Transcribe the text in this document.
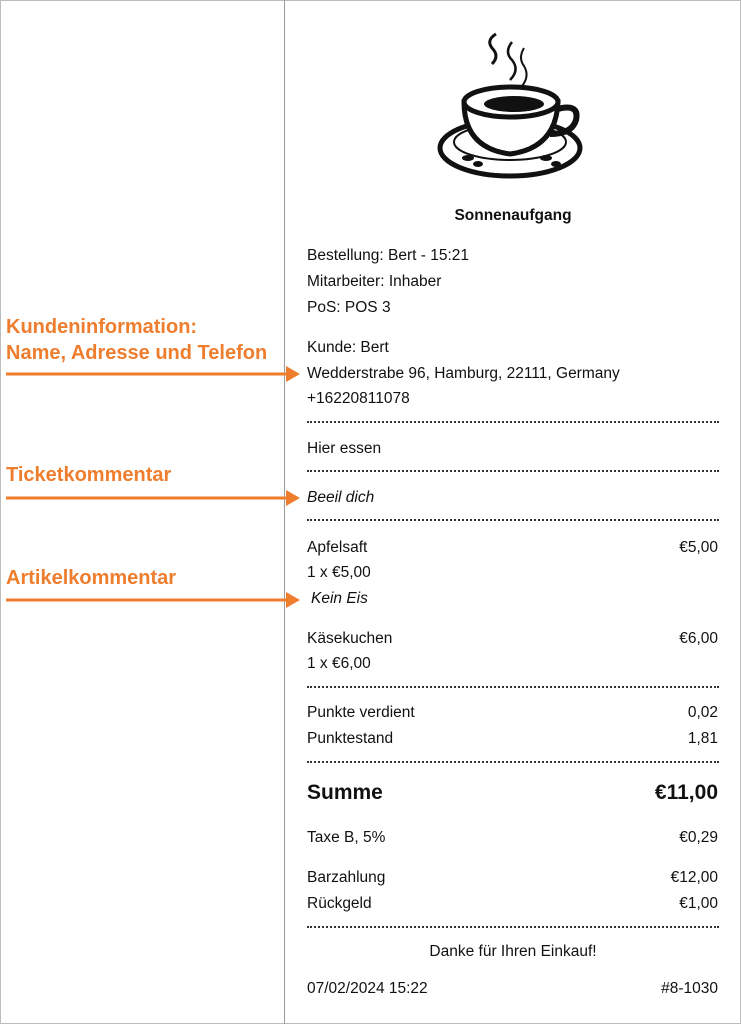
Kundeninformation:
Name, Adresse und Telefon
Ticketkommentar
Artikelkommentar
Sonnenaufgang
Bestellung: Bert - 15:21
Mitarbeiter: Inhaber
PoS: POS 3
Kunde: Bert
Wedderstrabe 96, Hamburg, 22111, Germany
+16220811078
Hier essen
Beeil dich
Apfelsaft	€5,00
1 x €5,00
Kein Eis
Käsekuchen	€6,00
1 x €6,00
Punkte verdient	0,02
Punktestand	1,81
Summe	€11,00
Taxe B, 5%	€0,29
Barzahlung	€12,00
Rückgeld	€1,00
Danke für Ihren Einkauf!
07/02/2024 15:22	#8-1030
